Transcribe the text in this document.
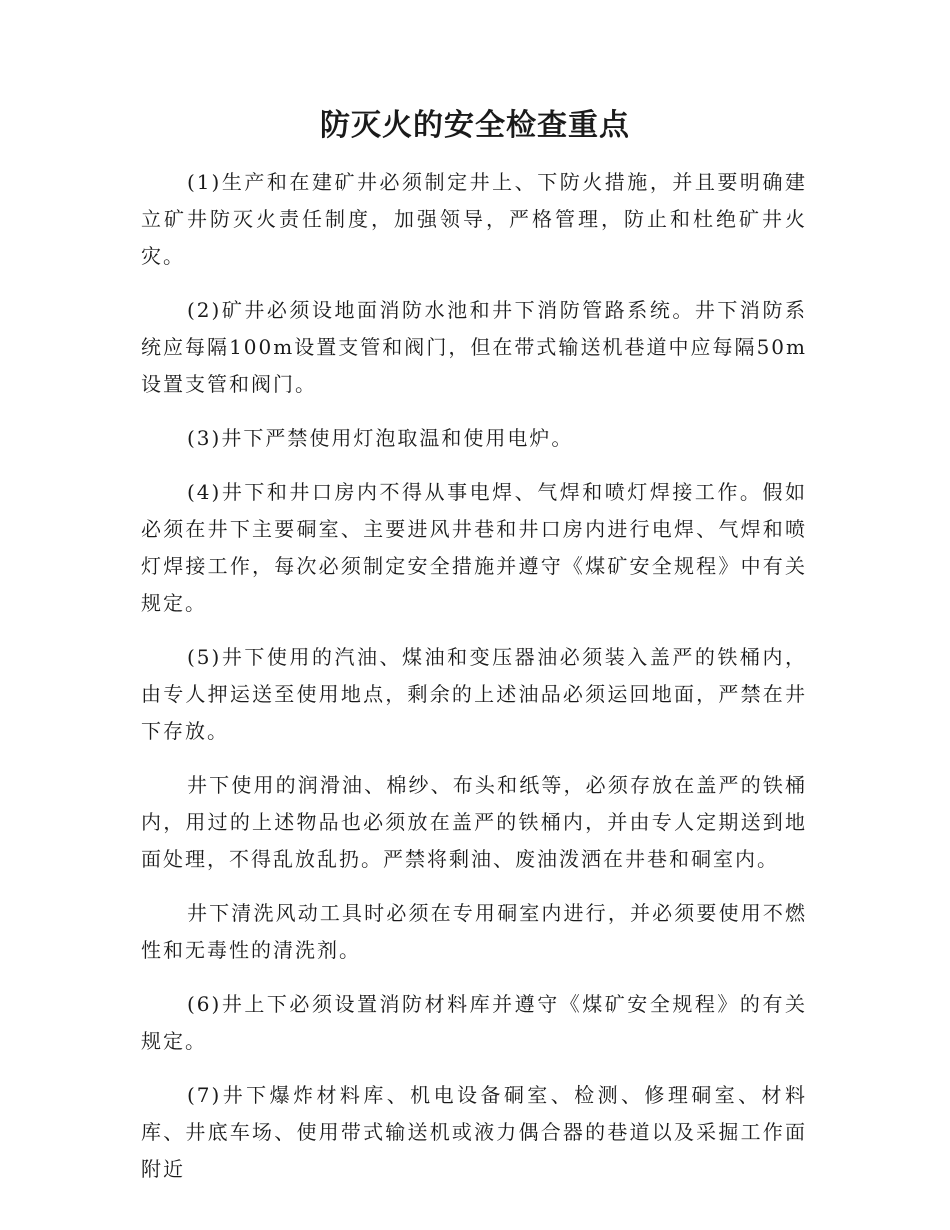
防灭火的安全检查重点

(1)生产和在建矿井必须制定井上、下防火措施，并且要明确建立矿井防灭火责任制度，加强领导，严格管理，防止和杜绝矿井火灾。

(2)矿井必须设地面消防水池和井下消防管路系统。井下消防系统应每隔100m设置支管和阀门，但在带式输送机巷道中应每隔50m设置支管和阀门。

(3)井下严禁使用灯泡取温和使用电炉。

(4)井下和井口房内不得从事电焊、气焊和喷灯焊接工作。假如必须在井下主要硐室、主要进风井巷和井口房内进行电焊、气焊和喷灯焊接工作，每次必须制定安全措施并遵守《煤矿安全规程》中有关规定。

(5)井下使用的汽油、煤油和变压器油必须装入盖严的铁桶内，由专人押运送至使用地点，剩余的上述油品必须运回地面，严禁在井下存放。

井下使用的润滑油、棉纱、布头和纸等，必须存放在盖严的铁桶内，用过的上述物品也必须放在盖严的铁桶内，并由专人定期送到地面处理，不得乱放乱扔。严禁将剩油、废油泼洒在井巷和硐室内。

井下清洗风动工具时必须在专用硐室内进行，并必须要使用不燃性和无毒性的清洗剂。

(6)井上下必须设置消防材料库并遵守《煤矿安全规程》的有关规定。

(7)井下爆炸材料库、机电设备硐室、检测、修理硐室、材料库、井底车场、使用带式输送机或液力偶合器的巷道以及采掘工作面附近
